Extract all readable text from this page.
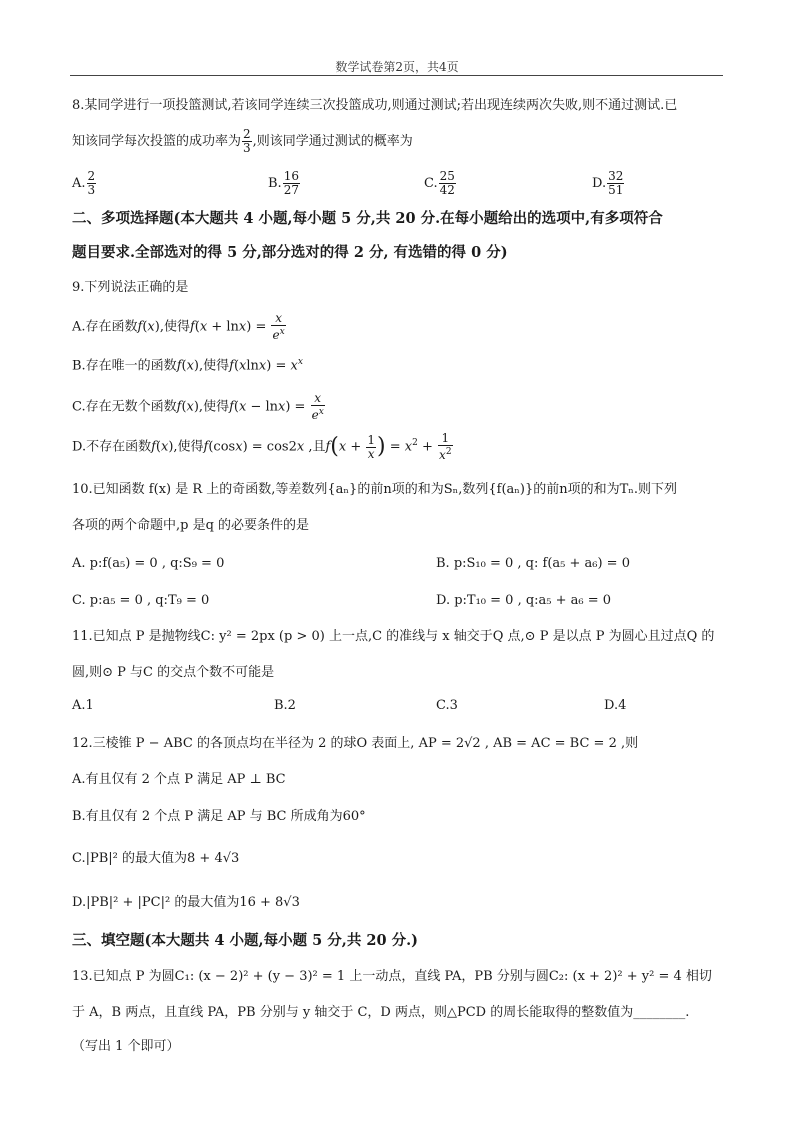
数学试卷第2页，共4页
8.某同学进行一项投篮测试,若该同学连续三次投篮成功,则通过测试;若出现连续两次失败,则不通过测试.已
知该同学每次投篮的成功率为 $\frac{2}{3}$ ,则该同学通过测试的概率为
A. $\frac{2}{3}$	B. $\frac{16}{27}$	C. $\frac{25}{42}$	D. $\frac{32}{51}$
二、多项选择题(本大题共 4 小题,每小题 5 分,共 20 分.在每小题给出的选项中,有多项符合
题目要求.全部选对的得 5 分,部分选对的得 2 分, 有选错的得 0 分)
9.下列说法正确的是
A.存在函数f(x),使得$f(x + \ln x) = \frac{x}{e^x}$
B.存在唯一的函数f(x),使得$f(xlnx) = x^x$
C.存在无数个函数f(x),使得$f(x - \ln x) = \frac{x}{e^x}$
D.不存在函数f(x),使得f(cosx) = cos2x ,且$f(x + \frac{1}{x}$ ) = $x^2 + \frac{1}{x^2}$
10.已知函数 f(x) 是 R 上的奇函数,等差数列{aₙ}的前n项的和为Sₙ,数列{f(aₙ)}的前n项的和为Tₙ.则下列
各项的两个命题中,p 是q 的必要条件的是
A. p:f(a₅) = 0 , q:S₉ = 0	B. p:S₁₀ = 0 , q: f(a₅ + a₆) = 0
C. p:a₅ = 0 , q:T₉ = 0	D. p:T₁₀ = 0 , q:a₅ + a₆ = 0
11.已知点 P 是抛物线C: y² = 2px (p > 0) 上一点,C 的准线与 x 轴交于Q 点,⊙ P 是以点 P 为圆心且过点Q 的
圆,则⊙ P 与C 的交点个数不可能是
A.1	B.2	C.3	D.4
12.三棱锥 P − ABC 的各顶点均在半径为 2 的球O 表面上, AP = 2√2 , AB = AC = BC = 2 ,则
A.有且仅有 2 个点 P 满足 AP ⊥ BC
B.有且仅有 2 个点 P 满足 AP 与 BC 所成角为60°
C.|PB|² 的最大值为8 + 4√3
D.|PB|² + |PC|² 的最大值为16 + 8√3
三、填空题(本大题共 4 小题,每小题 5 分,共 20 分.)
13.已知点 P 为圆C₁: (x − 2)² + (y − 3)² = 1 上一动点，直线 PA，PB 分别与圆C₂: (x + 2)² + y² = 4 相切
于 A，B 两点，且直线 PA，PB 分别与 y 轴交于 C，D 两点，则△PCD 的周长能取得的整数值为________.
（写出 1 个即可）
